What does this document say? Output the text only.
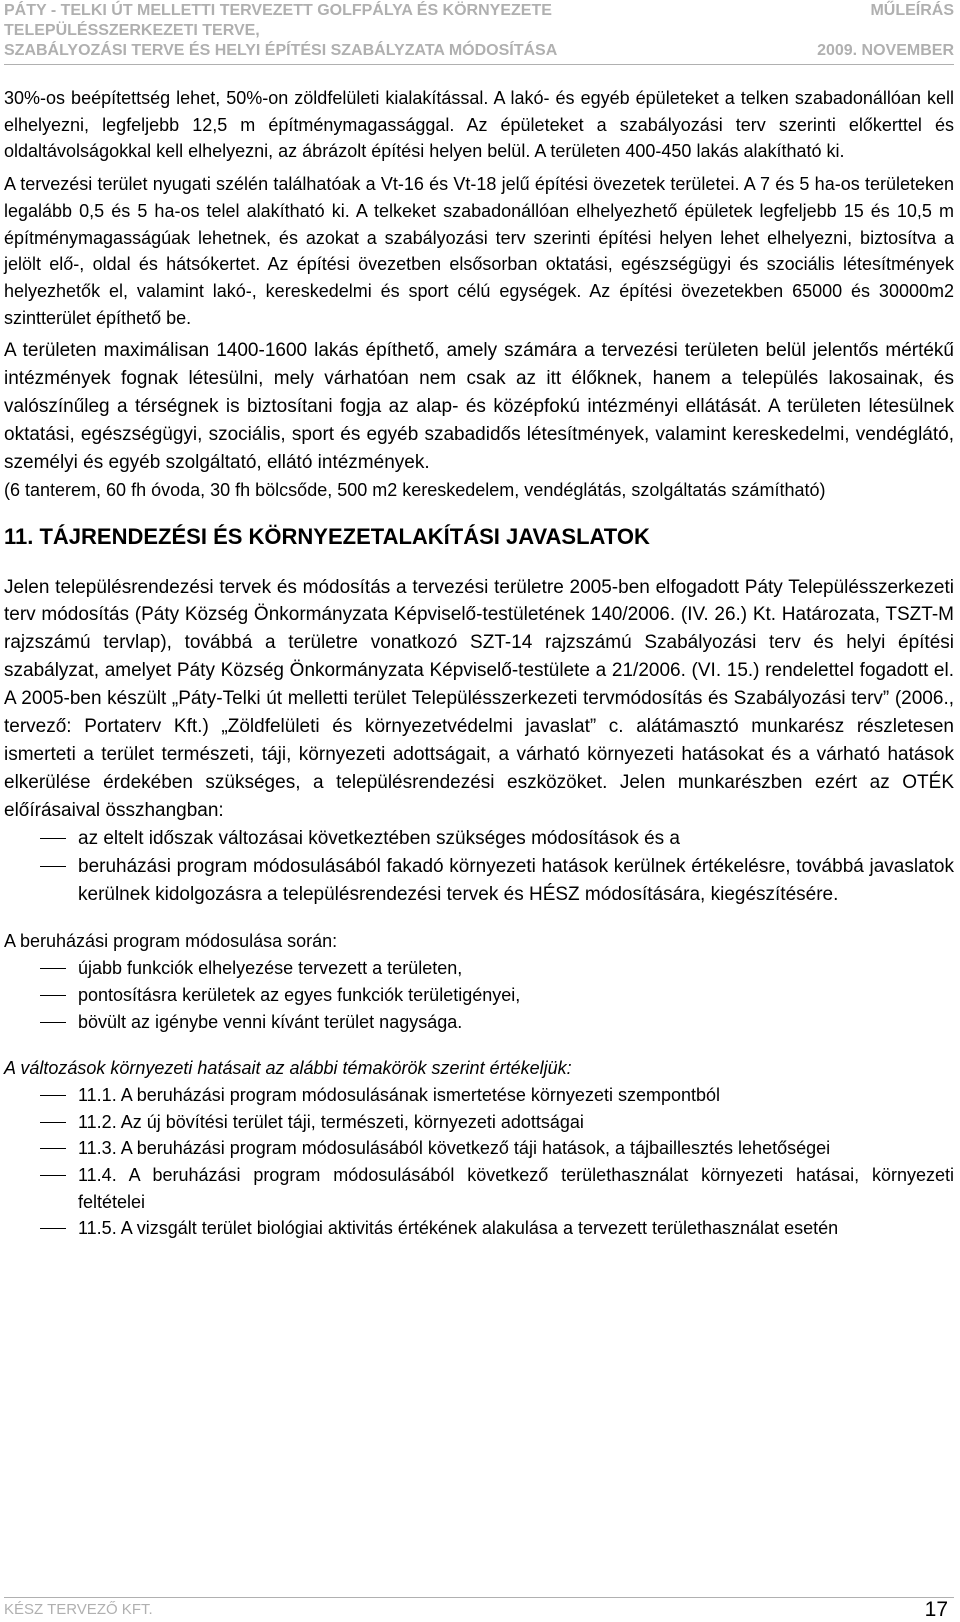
PÁTY - TELKI ÚT MELLETTI TERVEZETT GOLFPÁLYA ÉS KÖRNYEZETE
TELEPÜLÉSSZERKEZETI TERVE,
SZABÁLYOZÁSI TERVE ÉS HELYI ÉPÍTÉSI SZABÁLYZATA MÓDOSÍTÁSA
MŰLEÍRÁS
2009. NOVEMBER

30%-os beépítettség lehet, 50%-on zöldfelületi kialakítással. A lakó- és egyéb épületeket a telken szabadonállóan kell elhelyezni, legfeljebb 12,5 m építménymagassággal. Az épületeket a szabályozási terv szerinti előkerttel és oldaltávolságokkal kell elhelyezni, az ábrázolt építési helyen belül. A területen 400-450 lakás alakítható ki.

A tervezési terület nyugati szélén találhatóak a Vt-16 és Vt-18 jelű építési övezetek területei. A 7 és 5 ha-os területeken legalább 0,5 és 5 ha-os telel alakítható ki. A telkeket szabadonállóan elhelyezhető épületek legfeljebb 15 és 10,5 m építménymagasságúak lehetnek, és azokat a szabályozási terv szerinti építési helyen lehet elhelyezni, biztosítva a jelölt elő-, oldal és hátsókertet. Az építési övezetben elsősorban oktatási, egészségügyi és szociális létesítmények helyezhetők el, valamint lakó-, kereskedelmi és sport célú egységek. Az építési övezetekben 65000 és 30000m2 szintterület építhető be.

A területen maximálisan 1400-1600 lakás építhető, amely számára a tervezési területen belül jelentős mértékű intézmények fognak létesülni, mely várhatóan nem csak az itt élőknek, hanem a település lakosainak, és valószínűleg a térségnek is biztosítani fogja az alap- és középfokú intézményi ellátását. A területen létesülnek oktatási, egészségügyi, szociális, sport és egyéb szabadidős létesítmények, valamint kereskedelmi, vendéglátó, személyi és egyéb szolgáltató, ellátó intézmények.

(6 tanterem, 60 fh óvoda, 30 fh bölcsőde, 500 m2 kereskedelem, vendéglátás, szolgáltatás számítható)

11. TÁJRENDEZÉSI ÉS KÖRNYEZETALAKÍTÁSI JAVASLATOK

Jelen településrendezési tervek és módosítás a tervezési területre 2005-ben elfogadott Páty Településszerkezeti terv módosítás (Páty Község Önkormányzata Képviselő-testületének 140/2006. (IV. 26.) Kt. Határozata, TSZT-M rajzszámú tervlap), továbbá a területre vonatkozó SZT-14 rajzszámú Szabályozási terv és helyi építési szabályzat, amelyet Páty Község Önkormányzata Képviselő-testülete a 21/2006. (VI. 15.) rendelettel fogadott el. A 2005-ben készült „Páty-Telki út melletti terület Településszerkezeti tervmódosítás és Szabályozási terv” (2006., tervező: Portaterv Kft.) „Zöldfelületi és környezetvédelmi javaslat” c. alátámasztó munkarész részletesen ismerteti a terület természeti, táji, környezeti adottságait, a várható környezeti hatásokat és a várható hatások elkerülése érdekében szükséges, a településrendezési eszközöket. Jelen munkarészben ezért az OTÉK előírásaival összhangban:

az eltelt időszak változásai következtében szükséges módosítások és a
beruházási program módosulásából fakadó környezeti hatások kerülnek értékelésre, továbbá javaslatok kerülnek kidolgozásra a településrendezési tervek és HÉSZ módosítására, kiegészítésére.

A beruházási program módosulása során:

újabb funkciók elhelyezése tervezett a területen,
pontosításra kerületek az egyes funkciók területigényei,
bövült az igénybe venni kívánt terület nagysága.

A változások környezeti hatásait az alábbi témakörök szerint értékeljük:

11.1. A beruházási program módosulásának ismertetése környezeti szempontból
11.2. Az új bövítési terület táji, természeti, környezeti adottságai
11.3. A beruházási program módosulásából következő táji hatások, a tájbaillesztés lehetőségei
11.4. A beruházási program módosulásából következő területhasználat környezeti hatásai, környezeti feltételei
11.5. A vizsgált terület biológiai aktivitás értékének alakulása a tervezett területhasználat esetén
KÉSZ TERVEZŐ KFT.	17
